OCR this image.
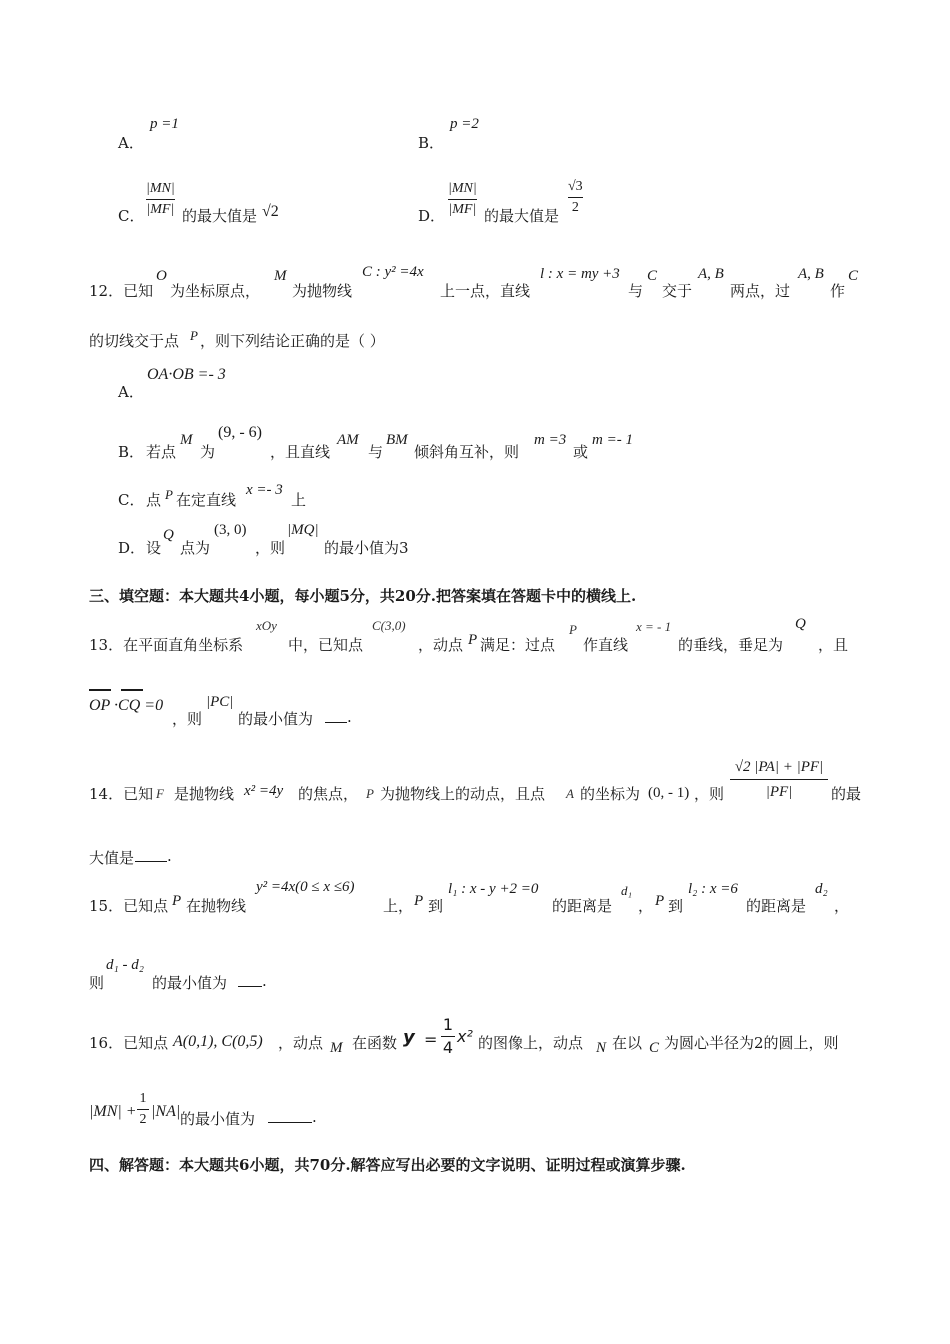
A．
p =1
B．
p =2
C．
|MN|
|MF| 的最大值是 √2	D．
|MN|
|MF| 的最大值是
√3
2
12．已知
O
为坐标原点，
M
为抛物线
C : y² =4x
上一点，直线
l : x = my +3
与
C
交于
A, B
两点，过
A, B
作
C
的切线交于点 P ，则下列结论正确的是（ ）
A．
OA·OB =- 3
B． 若点
M
为
(9, - 6)
，且直线
AM
与
BM
倾斜角互补，则
m =3
或
m =- 1
C． 点 P 在定直线
x =- 3
上
D． 设
Q
点为
(3, 0)
，则
|MQ|
的最小值为3
三、填空题：本大题共4小题，每小题5分，共20分.把答案填在答题卡中的横线上.
13．在平面直角坐标系
xOy
中，已知点
C(3,0)
，动点 P 满足：过点
P
作直线
x = - 1
的垂线，垂足为
Q
，且
OP ·CQ =0
，则
|PC|
的最小值为 .
14．已知 F 是抛物线 x² =4y 的焦点， P 为抛物线上的动点，且点 A 的坐标为 (0, - 1) ，则
√2 |PA| + |PF|
|PF|	的最
大值是 .
15．已知点 P 在抛物线
y² =4x(0 ≤ x ≤6)
上， P 到
l₁ : x - y +2 =0
的距离是
d₁
， P 到
l₂ : x =6
的距离是
d₂
，
则
d₁ - d₂
的最小值为 .
16．已知点 A(0,1), C(0,5) ，动点 M 在函数 y =
1
4
x² 的图像上，动点 N 在以 C 为圆心半径为2的圆上，则
|MN| +
1
2 |NA| 的最小值为	.
四、解答题：本大题共6小题，共70分.解答应写出必要的文字说明、证明过程或演算步骤.
